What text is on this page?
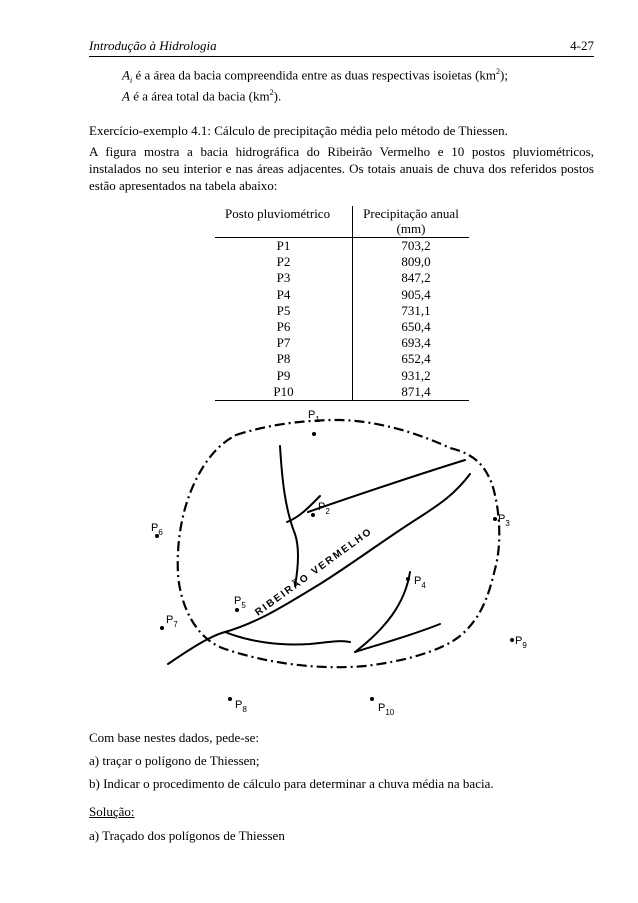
Introdução à Hidrologia	4-27
$A_i$ é a área da bacia compreendida entre as duas respectivas isoietas $(km^2)$;
A é a área total da bacia $(km^2)$.
Exercício-exemplo 4.1: Cálculo de precipitação média pelo método de Thiessen.
A figura mostra a bacia hidrográfica do Ribeirão Vermelho e 10 postos pluviométricos, instalados no seu interior e nas áreas adjacentes. Os totais anuais de chuva dos referidos postos estão apresentados na tabela abaixo:
Posto pluviométrico	Precipitação anual
(mm)
P1	703,2
P2	809,0
P3	847,2
P4	905,4
P5	731,1
P6	650,4
P7	693,4
P8	652,4
P9	931,2
P10	871,4
RIBEIRÃO VERMELHO
$P_1$
$P_2$
$P_3$
$P_4$
$P_5$
$P_6$
$P_7$
$P_8$
$P_9$
$P_{10}$
Com base nestes dados, pede-se:
a) traçar o polígono de Thiessen;
b) Indicar o procedimento de cálculo para determinar a chuva média na bacia.
Solução:
a) Traçado dos polígonos de Thiessen
